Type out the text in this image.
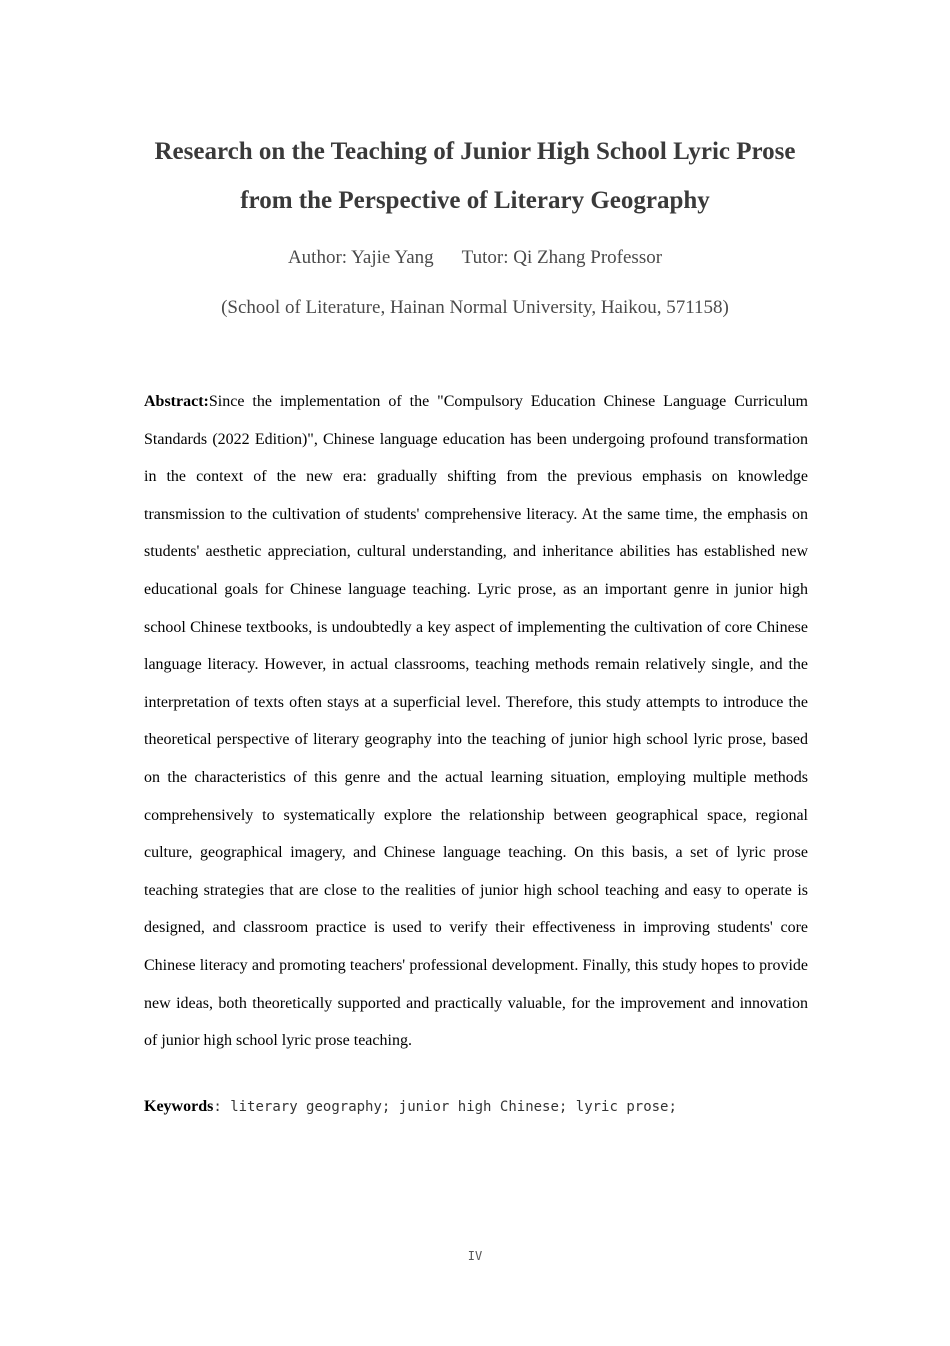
Research on the Teaching of Junior High School Lyric Prose
from the Perspective of Literary Geography
Author: Yajie Yang Tutor: Qi Zhang Professor
(School of Literature, Hainan Normal University, Haikou, 571158)

Abstract:Since the implementation of the "Compulsory Education Chinese Language Curriculum Standards (2022 Edition)", Chinese language education has been undergoing profound transformation in the context of the new era: gradually shifting from the previous emphasis on knowledge transmission to the cultivation of students' comprehensive literacy. At the same time, the emphasis on students' aesthetic appreciation, cultural understanding, and inheritance abilities has established new educational goals for Chinese language teaching. Lyric prose, as an important genre in junior high school Chinese textbooks, is undoubtedly a key aspect of implementing the cultivation of core Chinese language literacy. However, in actual classrooms, teaching methods remain relatively single, and the interpretation of texts often stays at a superficial level. Therefore, this study attempts to introduce the theoretical perspective of literary geography into the teaching of junior high school lyric prose, based on the characteristics of this genre and the actual learning situation, employing multiple methods comprehensively to systematically explore the relationship between geographical space, regional culture, geographical imagery, and Chinese language teaching. On this basis, a set of lyric prose teaching strategies that are close to the realities of junior high school teaching and easy to operate is designed, and classroom practice is used to verify their effectiveness in improving students' core Chinese literacy and promoting teachers' professional development. Finally, this study hopes to provide new ideas, both theoretically supported and practically valuable, for the improvement and innovation of junior high school lyric prose teaching.

Keywords: literary geography; junior high Chinese; lyric prose;
IV
